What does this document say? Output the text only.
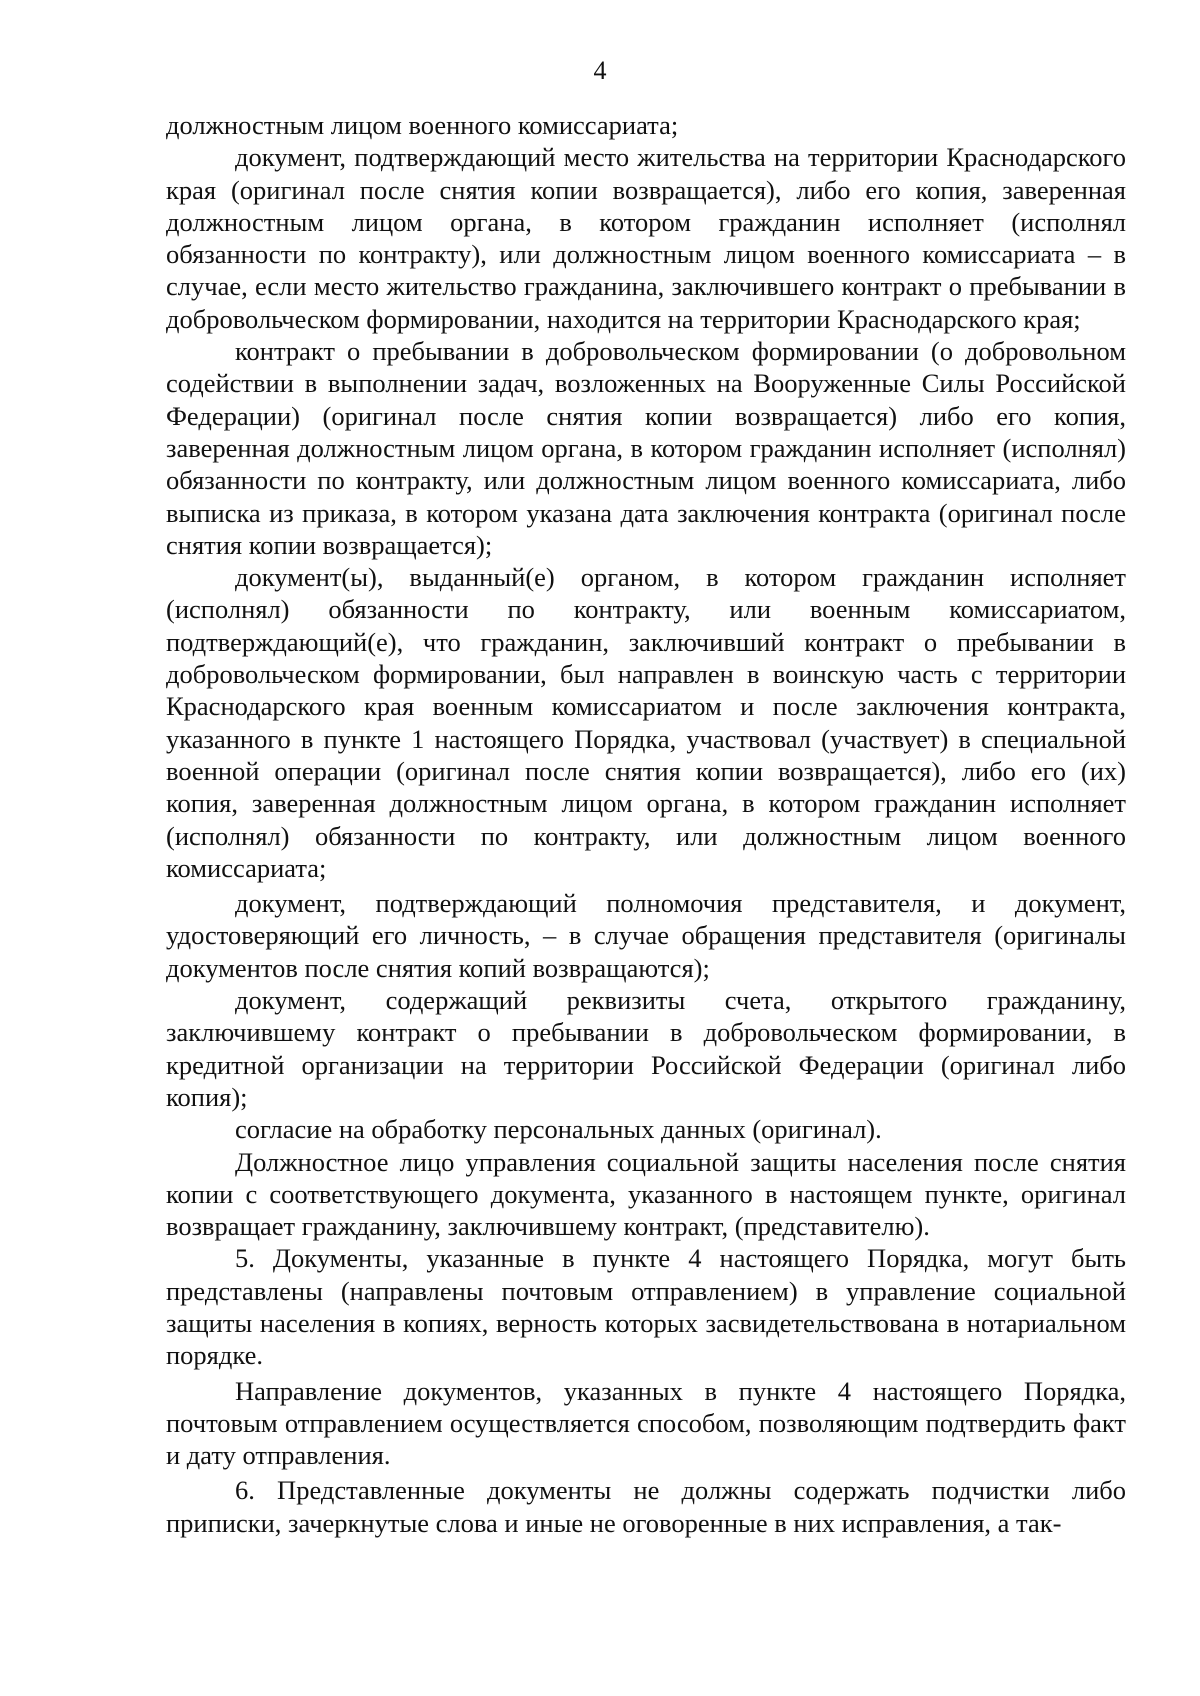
4

должностным лицом военного комиссариата;

документ, подтверждающий место жительства на территории Краснодарского края (оригинал после снятия копии возвращается), либо его копия, заверенная должностным лицом органа, в котором гражданин исполняет (исполнял обязанности по контракту), или должностным лицом военного комиссариата – в случае, если место жительство гражданина, заключившего контракт о пребывании в добровольческом формировании, находится на территории Краснодарского края;

контракт о пребывании в добровольческом формировании (о добровольном содействии в выполнении задач, возложенных на Вооруженные Силы Российской Федерации) (оригинал после снятия копии возвращается) либо его копия, заверенная должностным лицом органа, в котором гражданин исполняет (исполнял) обязанности по контракту, или должностным лицом военного комиссариата, либо выписка из приказа, в котором указана дата заключения контракта (оригинал после снятия копии возвращается);

документ(ы), выданный(е) органом, в котором гражданин исполняет (исполнял) обязанности по контракту, или военным комиссариатом, подтверждающий(е), что гражданин, заключивший контракт о пребывании в добровольческом формировании, был направлен в воинскую часть с территории Краснодарского края военным комиссариатом и после заключения контракта, указанного в пункте 1 настоящего Порядка, участвовал (участвует) в специальной военной операции (оригинал после снятия копии возвращается), либо его (их) копия, заверенная должностным лицом органа, в котором гражданин исполняет (исполнял) обязанности по контракту, или должностным лицом военного комиссариата;

документ, подтверждающий полномочия представителя, и документ, удостоверяющий его личность, – в случае обращения представителя (оригиналы документов после снятия копий возвращаются);

документ, содержащий реквизиты счета, открытого гражданину, заключившему контракт о пребывании в добровольческом формировании, в кредитной организации на территории Российской Федерации (оригинал либо копия);

согласие на обработку персональных данных (оригинал).

Должностное лицо управления социальной защиты населения после снятия копии с соответствующего документа, указанного в настоящем пункте, оригинал возвращает гражданину, заключившему контракт, (представителю).

5. Документы, указанные в пункте 4 настоящего Порядка, могут быть представлены (направлены почтовым отправлением) в управление социальной защиты населения в копиях, верность которых засвидетельствована в нотариальном порядке.

Направление документов, указанных в пункте 4 настоящего Порядка, почтовым отправлением осуществляется способом, позволяющим подтвердить факт и дату отправления.

6. Представленные документы не должны содержать подчистки либо приписки, зачеркнутые слова и иные не оговоренные в них исправления, а так-
